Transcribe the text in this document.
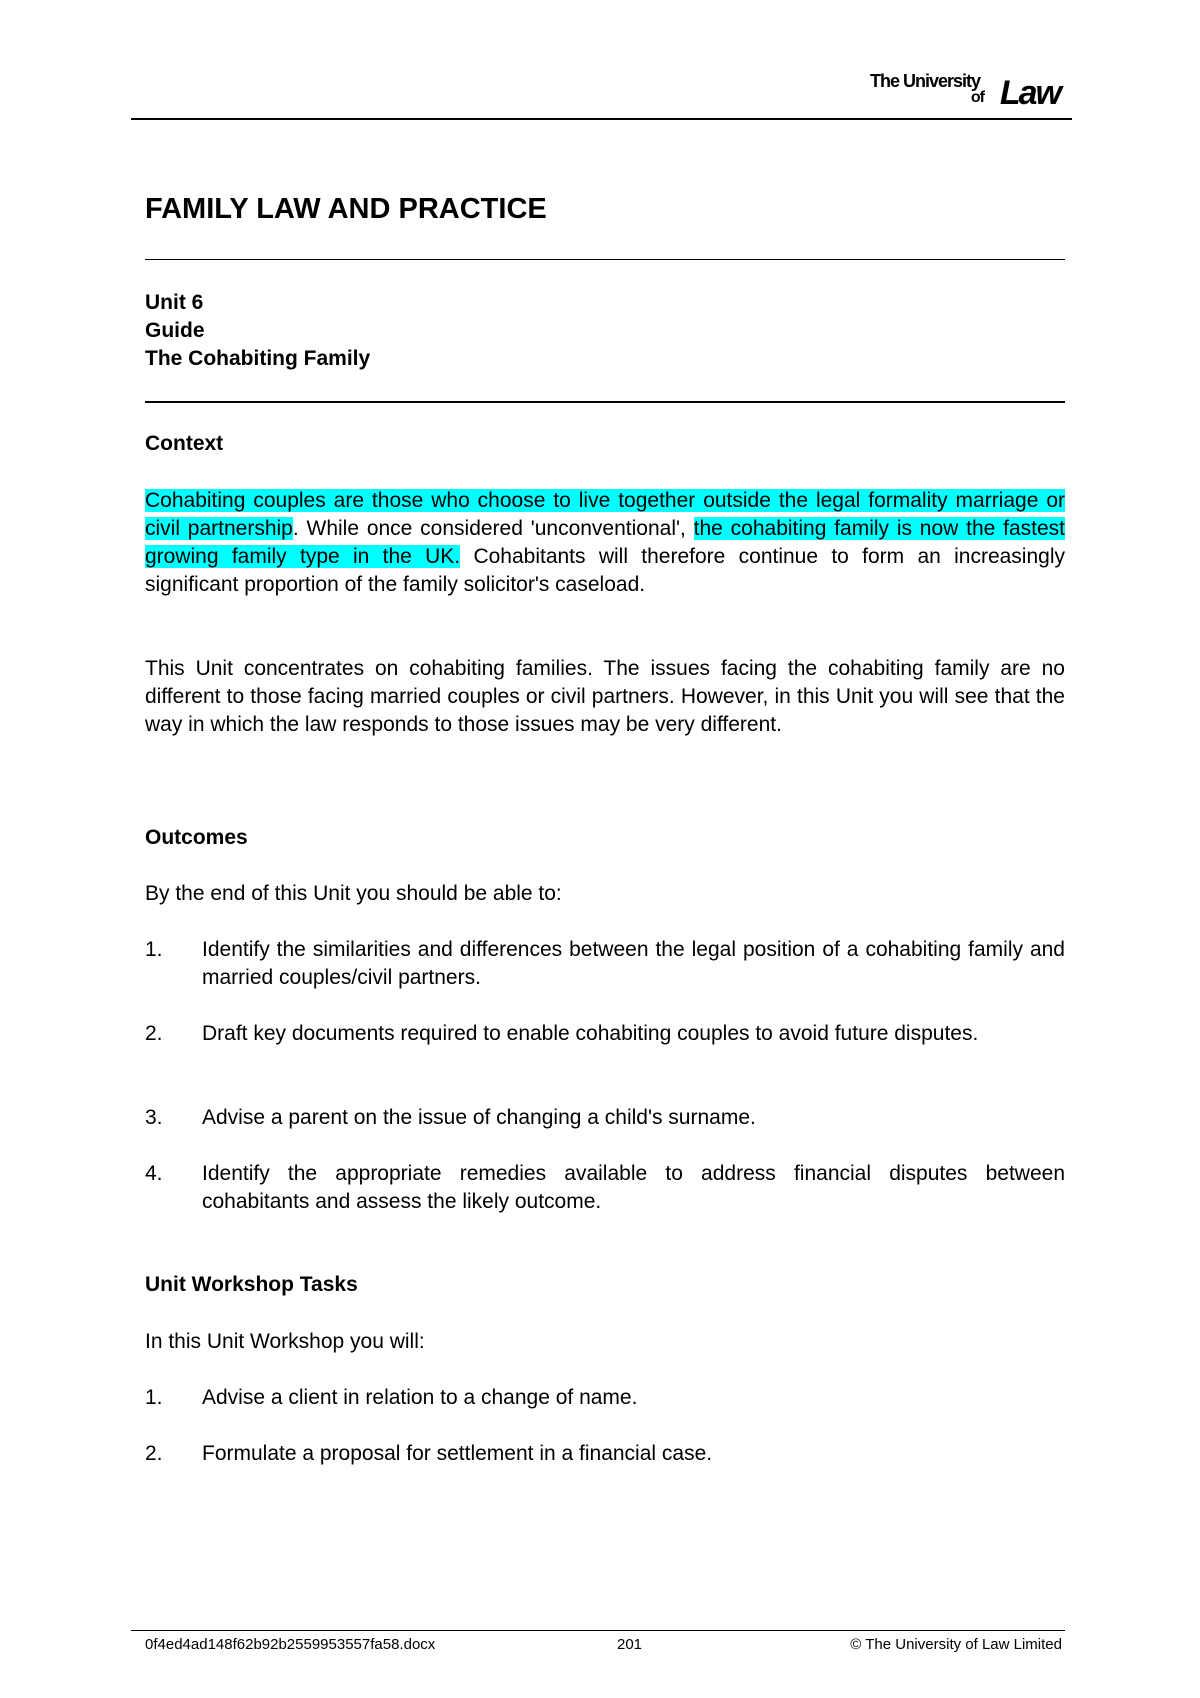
The University
of Law
FAMILY LAW AND PRACTICE
Unit 6
Guide
The Cohabiting Family
Context
Cohabiting couples are those who choose to live together outside the legal formality marriage or civil partnership. While once considered 'unconventional', the cohabiting family is now the fastest growing family type in the UK. Cohabitants will therefore continue to form an increasingly significant proportion of the family solicitor's caseload.
This Unit concentrates on cohabiting families. The issues facing the cohabiting family are no different to those facing married couples or civil partners. However, in this Unit you will see that the way in which the law responds to those issues may be very different.
Outcomes
By the end of this Unit you should be able to:
1.	Identify the similarities and differences between the legal position of a cohabiting family and married couples/civil partners.
2.	Draft key documents required to enable cohabiting couples to avoid future disputes.
3.	Advise a parent on the issue of changing a child's surname.
4.	Identify the appropriate remedies available to address financial disputes between cohabitants and assess the likely outcome.
Unit Workshop Tasks
In this Unit Workshop you will:
1.	Advise a client in relation to a change of name.
2.	Formulate a proposal for settlement in a financial case.
0f4ed4ad148f62b92b2559953557fa58.docx	201	© The University of Law Limited
